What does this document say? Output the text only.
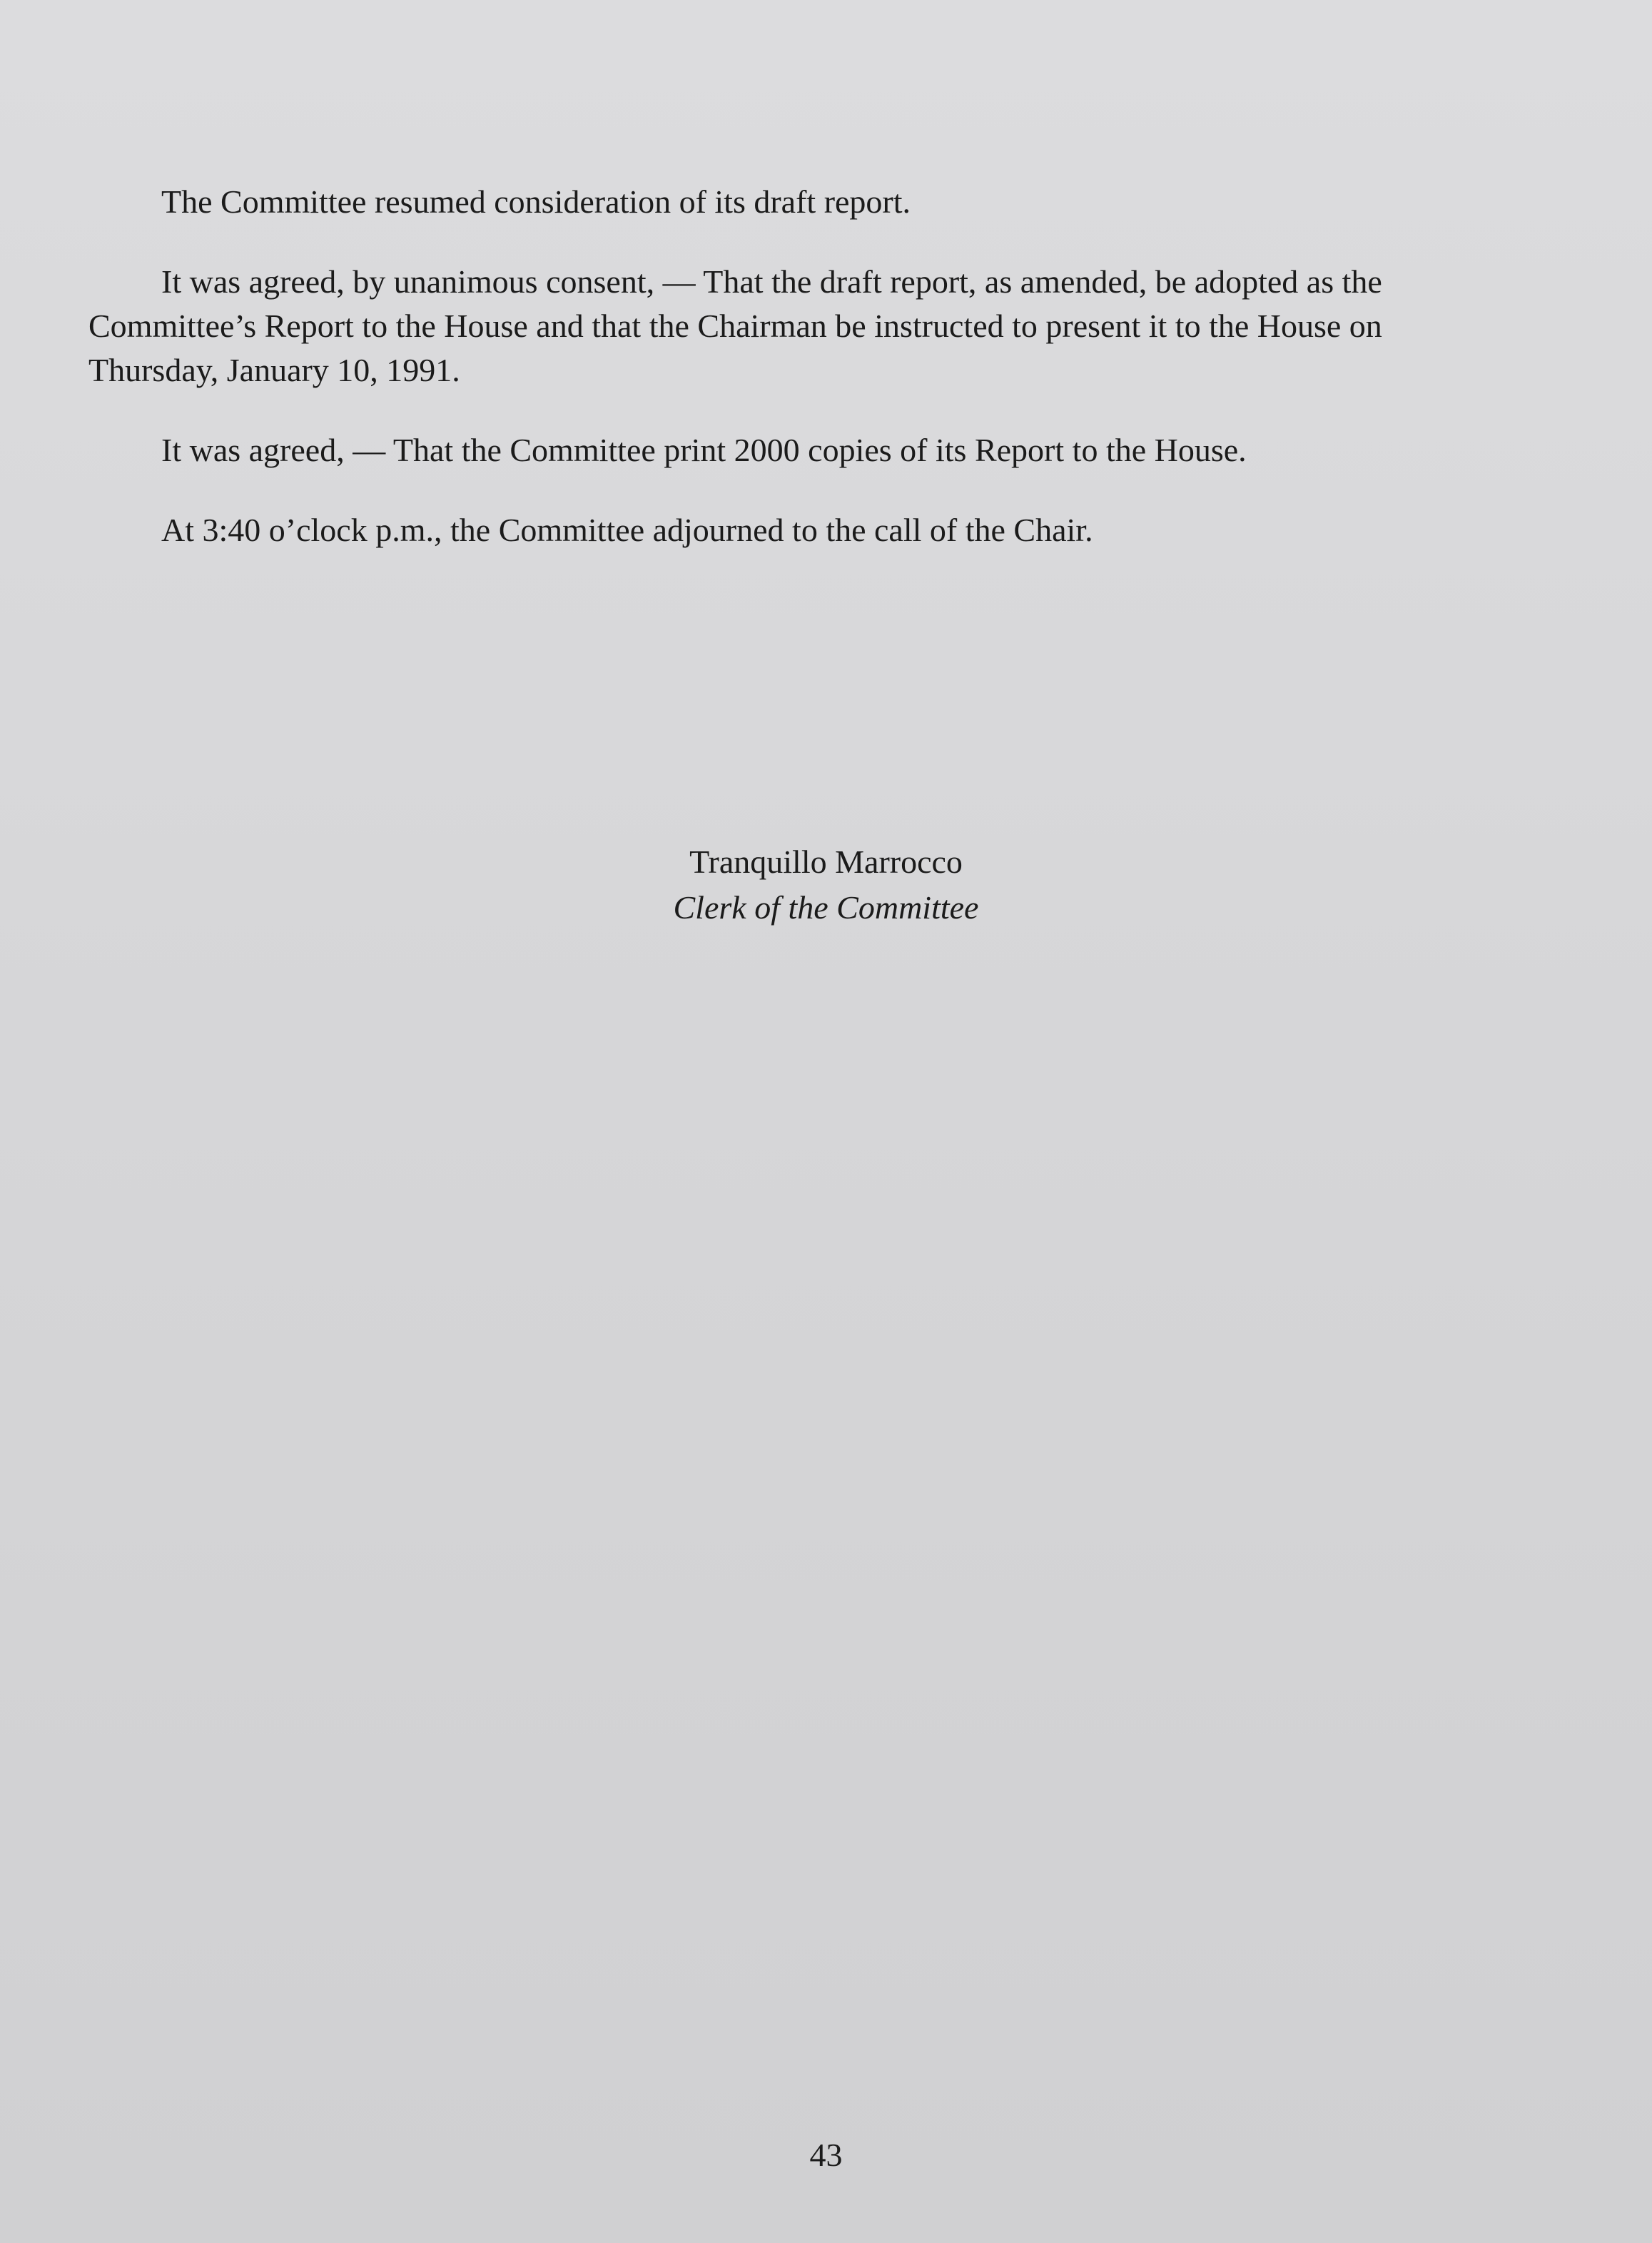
The Committee resumed consideration of its draft report.

It was agreed, by unanimous consent, — That the draft report, as amended, be adopted as the Committee’s Report to the House and that the Chairman be instructed to present it to the House on Thursday, January 10, 1991.

It was agreed, — That the Committee print 2000 copies of its Report to the House.

At 3:40 o’clock p.m., the Committee adjourned to the call of the Chair.

Tranquillo Marrocco
Clerk of the Committee
43
